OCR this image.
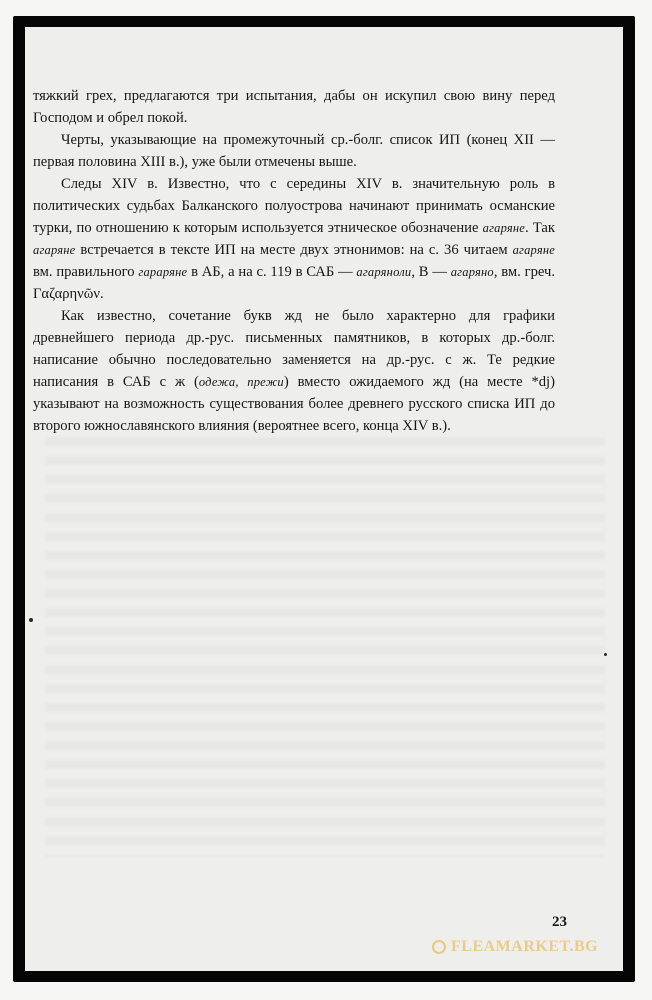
тяжкий грех, предлагаются три испытания, дабы он искупил свою вину перед Господом и обрел покой.

Черты, указывающие на промежуточный ср.-болг. список ИП (конец XII — первая половина XIII в.), уже были отмечены выше.

Следы XIV в. Известно, что с середины XIV в. значительную роль в политических судьбах Балканского полуострова начинают принимать османские турки, по отношению к которым используется этническое обозначение агаряне. Так агаряне встречается в тексте ИП на месте двух этнонимов: на с. 36 читаем агаряне вм. правильного гараряне в АБ, а на с. 119 в САБ — агаряноли, В — агаряно, вм. греч. Γαζαρηνῶν.

Как известно, сочетание букв жд не было характерно для графики древнейшего периода др.-рус. письменных памятников, в которых др.-болг. написание обычно последовательно заменяется на др.-рус. с ж. Те редкие написания в САБ с ж (одежа, прежи) вместо ожидаемого жд (на месте *dj) указывают на возможность существования более древнего русского списка ИП до второго южнославянского влияния (вероятнее всего, конца XIV в.).

23
FLEAMARKET.BG
